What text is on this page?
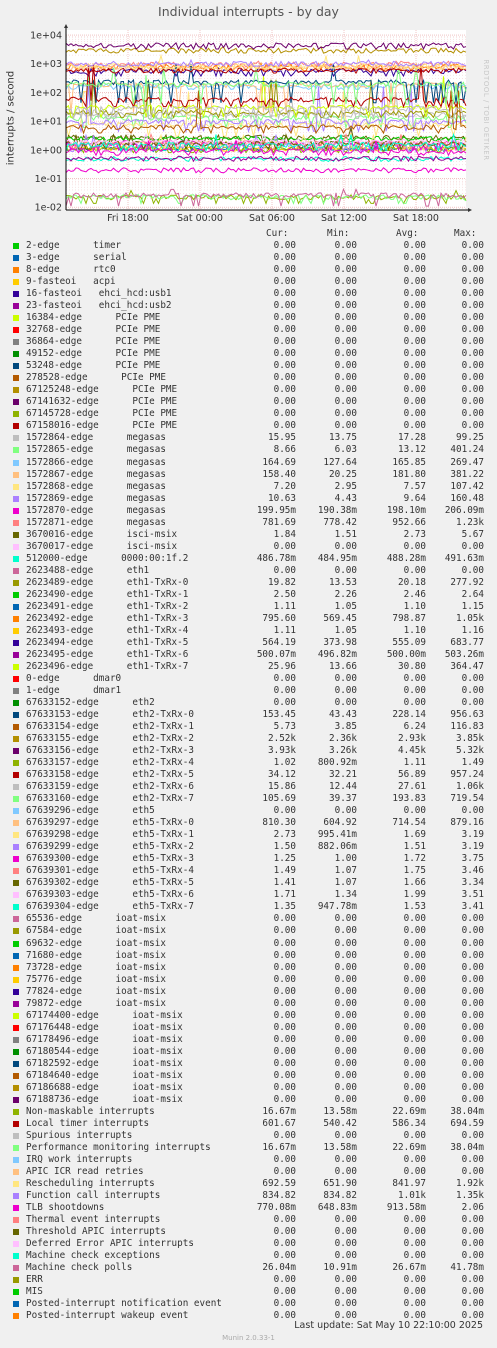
Individual interrupts - by day
interrupts / second	RRDTOOL / TOBI OETIKER
1e+04
1e+03
1e+02
1e+01
1e+00
1e-01
1e-02
Fri 18:00	Sat 00:00	Sat 06:00	Sat 12:00	Sat 18:00
Cur:	Min:	Avg:	Max:
2-edge      timer	0.00	0.00	0.00	0.00
3-edge      serial	0.00	0.00	0.00	0.00
8-edge      rtc0	0.00	0.00	0.00	0.00
9-fasteoi   acpi	0.00	0.00	0.00	0.00
16-fasteoi   ehci_hcd:usb1	0.00	0.00	0.00	0.00
23-fasteoi   ehci_hcd:usb2	0.00	0.00	0.00	0.00
16384-edge      PCIe PME	0.00	0.00	0.00	0.00
32768-edge      PCIe PME	0.00	0.00	0.00	0.00
36864-edge      PCIe PME	0.00	0.00	0.00	0.00
49152-edge      PCIe PME	0.00	0.00	0.00	0.00
53248-edge      PCIe PME	0.00	0.00	0.00	0.00
278528-edge      PCIe PME	0.00	0.00	0.00	0.00
67125248-edge      PCIe PME	0.00	0.00	0.00	0.00
67141632-edge      PCIe PME	0.00	0.00	0.00	0.00
67145728-edge      PCIe PME	0.00	0.00	0.00	0.00
67158016-edge      PCIe PME	0.00	0.00	0.00	0.00
1572864-edge      megasas	15.95	13.75	17.28	99.25
1572865-edge      megasas	8.66	6.03	13.12	401.24
1572866-edge      megasas	164.69	127.64	165.85	269.47
1572867-edge      megasas	158.40	20.25	181.80	381.22
1572868-edge      megasas	7.20	2.95	7.57	107.42
1572869-edge      megasas	10.63	4.43	9.64	160.48
1572870-edge      megasas	199.95m	190.38m	198.10m	206.09m
1572871-edge      megasas	781.69	778.42	952.66	1.23k
3670016-edge      isci-msix	1.84	1.51	2.73	5.67
3670017-edge      isci-msix	0.00	0.00	0.00	0.00
512000-edge      0000:00:1f.2	486.78m	484.95m	488.28m	491.63m
2623488-edge      eth1	0.00	0.00	0.00	0.00
2623489-edge      eth1-TxRx-0	19.82	13.53	20.18	277.92
2623490-edge      eth1-TxRx-1	2.50	2.26	2.46	2.64
2623491-edge      eth1-TxRx-2	1.11	1.05	1.10	1.15
2623492-edge      eth1-TxRx-3	795.60	569.45	798.87	1.05k
2623493-edge      eth1-TxRx-4	1.11	1.05	1.10	1.16
2623494-edge      eth1-TxRx-5	564.19	373.98	555.09	683.77
2623495-edge      eth1-TxRx-6	500.07m	496.82m	500.00m	503.26m
2623496-edge      eth1-TxRx-7	25.96	13.66	30.80	364.47
0-edge      dmar0	0.00	0.00	0.00	0.00
1-edge      dmar1	0.00	0.00	0.00	0.00
67633152-edge      eth2	0.00	0.00	0.00	0.00
67633153-edge      eth2-TxRx-0	153.45	43.43	228.14	956.63
67633154-edge      eth2-TxRx-1	5.73	3.85	6.24	116.83
67633155-edge      eth2-TxRx-2	2.52k	2.36k	2.93k	3.85k
67633156-edge      eth2-TxRx-3	3.93k	3.26k	4.45k	5.32k
67633157-edge      eth2-TxRx-4	1.02	800.92m	1.11	1.49
67633158-edge      eth2-TxRx-5	34.12	32.21	56.89	957.24
67633159-edge      eth2-TxRx-6	15.86	12.44	27.61	1.06k
67633160-edge      eth2-TxRx-7	105.69	39.37	193.83	719.54
67639296-edge      eth5	0.00	0.00	0.00	0.00
67639297-edge      eth5-TxRx-0	810.30	604.92	714.54	879.16
67639298-edge      eth5-TxRx-1	2.73	995.41m	1.69	3.19
67639299-edge      eth5-TxRx-2	1.50	882.06m	1.51	3.19
67639300-edge      eth5-TxRx-3	1.25	1.00	1.72	3.75
67639301-edge      eth5-TxRx-4	1.49	1.07	1.75	3.46
67639302-edge      eth5-TxRx-5	1.41	1.07	1.66	3.34
67639303-edge      eth5-TxRx-6	1.71	1.34	1.99	3.51
67639304-edge      eth5-TxRx-7	1.35	947.78m	1.53	3.41
65536-edge      ioat-msix	0.00	0.00	0.00	0.00
67584-edge      ioat-msix	0.00	0.00	0.00	0.00
69632-edge      ioat-msix	0.00	0.00	0.00	0.00
71680-edge      ioat-msix	0.00	0.00	0.00	0.00
73728-edge      ioat-msix	0.00	0.00	0.00	0.00
75776-edge      ioat-msix	0.00	0.00	0.00	0.00
77824-edge      ioat-msix	0.00	0.00	0.00	0.00
79872-edge      ioat-msix	0.00	0.00	0.00	0.00
67174400-edge      ioat-msix	0.00	0.00	0.00	0.00
67176448-edge      ioat-msix	0.00	0.00	0.00	0.00
67178496-edge      ioat-msix	0.00	0.00	0.00	0.00
67180544-edge      ioat-msix	0.00	0.00	0.00	0.00
67182592-edge      ioat-msix	0.00	0.00	0.00	0.00
67184640-edge      ioat-msix	0.00	0.00	0.00	0.00
67186688-edge      ioat-msix	0.00	0.00	0.00	0.00
67188736-edge      ioat-msix	0.00	0.00	0.00	0.00
Non-maskable interrupts	16.67m	13.58m	22.69m	38.04m
Local timer interrupts	601.67	540.42	586.34	694.59
Spurious interrupts	0.00	0.00	0.00	0.00
Performance monitoring interrupts	16.67m	13.58m	22.69m	38.04m
IRQ work interrupts	0.00	0.00	0.00	0.00
APIC ICR read retries	0.00	0.00	0.00	0.00
Rescheduling interrupts	692.59	651.90	841.97	1.92k
Function call interrupts	834.82	834.82	1.01k	1.35k
TLB shootdowns	770.08m	648.83m	913.58m	2.06
Thermal event interrupts	0.00	0.00	0.00	0.00
Threshold APIC interrupts	0.00	0.00	0.00	0.00
Deferred Error APIC interrupts	0.00	0.00	0.00	0.00
Machine check exceptions	0.00	0.00	0.00	0.00
Machine check polls	26.04m	10.91m	26.67m	41.78m
ERR	0.00	0.00	0.00	0.00
MIS	0.00	0.00	0.00	0.00
Posted-interrupt notification event	0.00	0.00	0.00	0.00
Posted-interrupt wakeup event	0.00	0.00	0.00	0.00
Last update: Sat May 10 22:10:00 2025
Munin 2.0.33-1
